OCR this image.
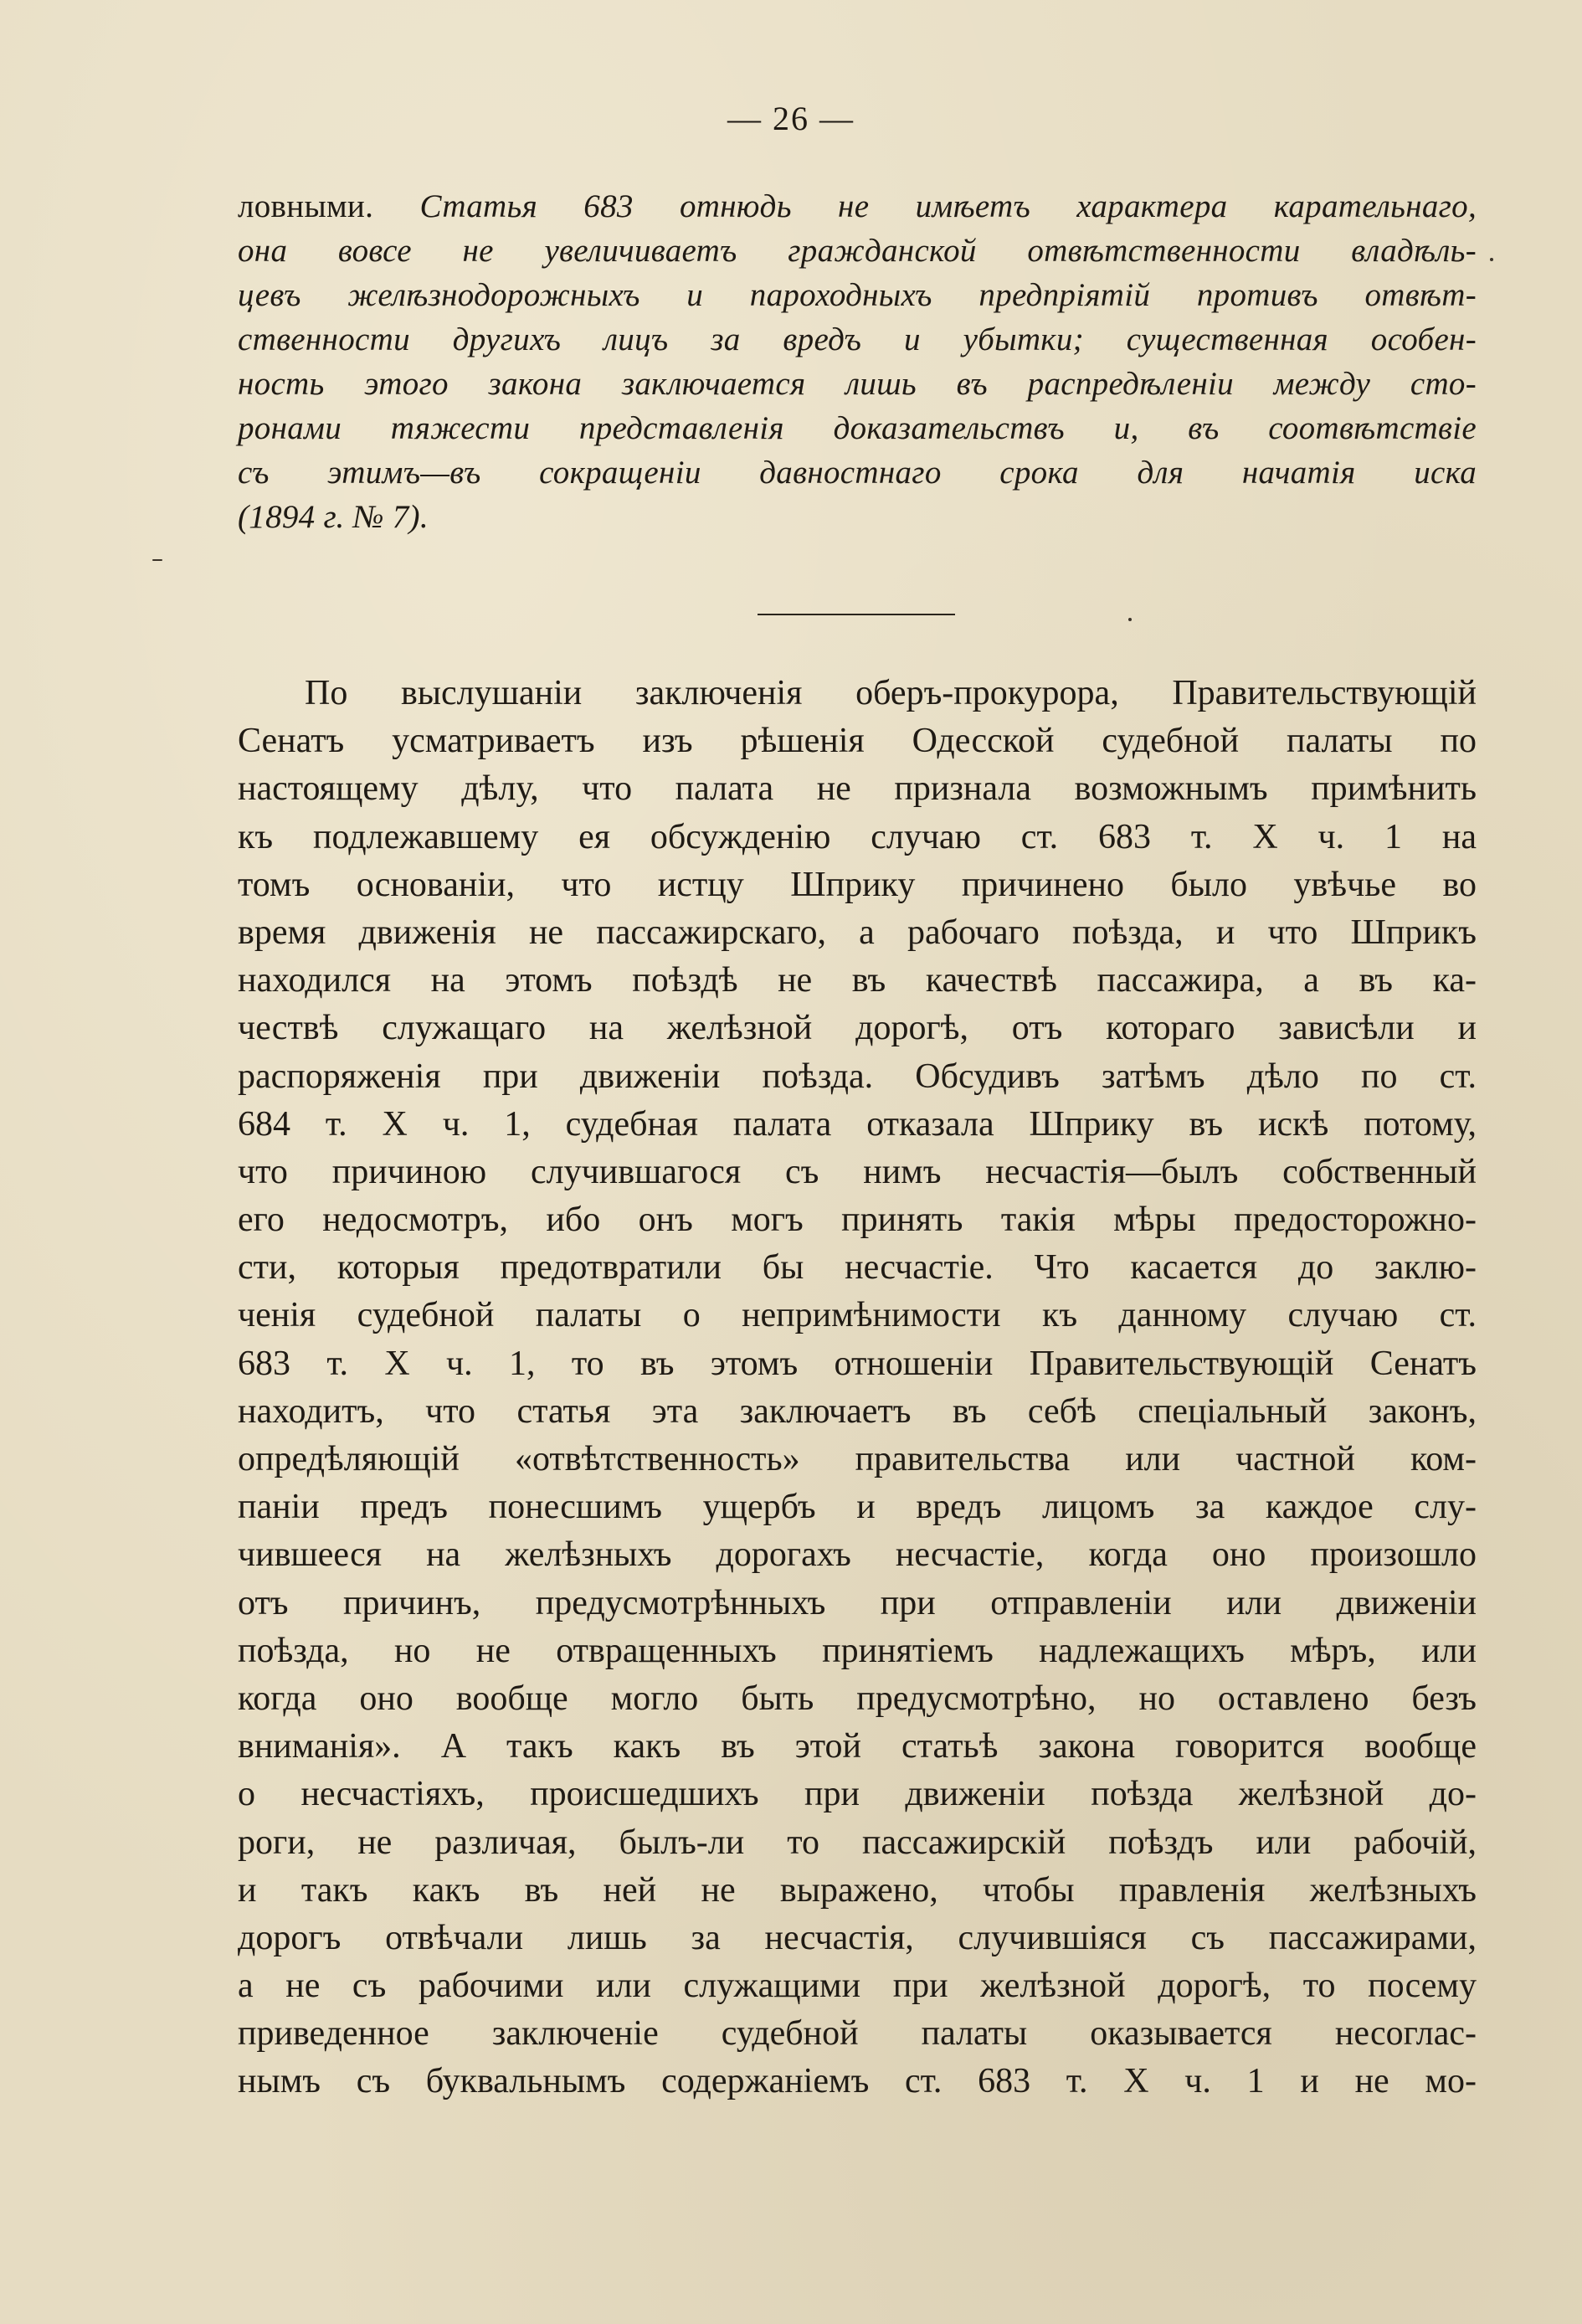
— 26 —
ловными. Статья 683 отнюдь не имѣетъ характера карательнаго,
она вовсе не увеличиваетъ гражданской отвѣтственности владѣль-
цевъ желѣзнодорожныхъ и пароходныхъ предпріятій противъ отвѣт-
ственности другихъ лицъ за вредъ и убытки; существенная особен-
ность этого закона заключается лишь въ распредѣленіи между сто-
ронами тяжести представленія доказательствъ и, въ соотвѣтствіе
съ этимъ—въ сокращеніи давностнаго срока для начатія иска
(1894 г. № 7).
По выслушаніи заключенія оберъ-прокурора, Правительствующій
Сенатъ усматриваетъ изъ рѣшенія Одесской судебной палаты по
настоящему дѣлу, что палата не признала возможнымъ примѣнить
къ подлежавшему ея обсужденію случаю ст. 683 т. X ч. 1 на
томъ основаніи, что истцу Шприку причинено было увѣчье во
время движенія не пассажирскаго, а рабочаго поѣзда, и что Шприкъ
находился на этомъ поѣздѣ не въ качествѣ пассажира, а въ ка-
чествѣ служащаго на желѣзной дорогѣ, отъ котораго зависѣли и
распоряженія при движеніи поѣзда. Обсудивъ затѣмъ дѣло по ст.
684 т. X ч. 1, судебная палата отказала Шприку въ искѣ потому,
что причиною случившагося съ нимъ несчастія—былъ собственный
его недосмотръ, ибо онъ могъ принять такія мѣры предосторожно-
сти, которыя предотвратили бы несчастіе. Что касается до заклю-
ченія судебной палаты о непримѣнимости къ данному случаю ст.
683 т. X ч. 1, то въ этомъ отношеніи Правительствующій Сенатъ
находитъ, что статья эта заключаетъ въ себѣ спеціальный законъ,
опредѣляющій «отвѣтственность» правительства или частной ком-
паніи предъ понесшимъ ущербъ и вредъ лицомъ за каждое слу-
чившееся на желѣзныхъ дорогахъ несчастіе, когда оно произошло
отъ причинъ, предусмотрѣнныхъ при отправленіи или движеніи
поѣзда, но не отвращенныхъ принятіемъ надлежащихъ мѣръ, или
когда оно вообще могло быть предусмотрѣно, но оставлено безъ
вниманія». А такъ какъ въ этой статьѣ закона говорится вообще
о несчастіяхъ, происшедшихъ при движеніи поѣзда желѣзной до-
роги, не различая, былъ-ли то пассажирскій поѣздъ или рабочій,
и такъ какъ въ ней не выражено, чтобы правленія желѣзныхъ
дорогъ отвѣчали лишь за несчастія, случившіяся съ пассажирами,
а не съ рабочими или служащими при желѣзной дорогѣ, то посему
приведенное заключеніе судебной палаты оказывается несоглас-
нымъ съ буквальнымъ содержаніемъ ст. 683 т. X ч. 1 и не мо-
